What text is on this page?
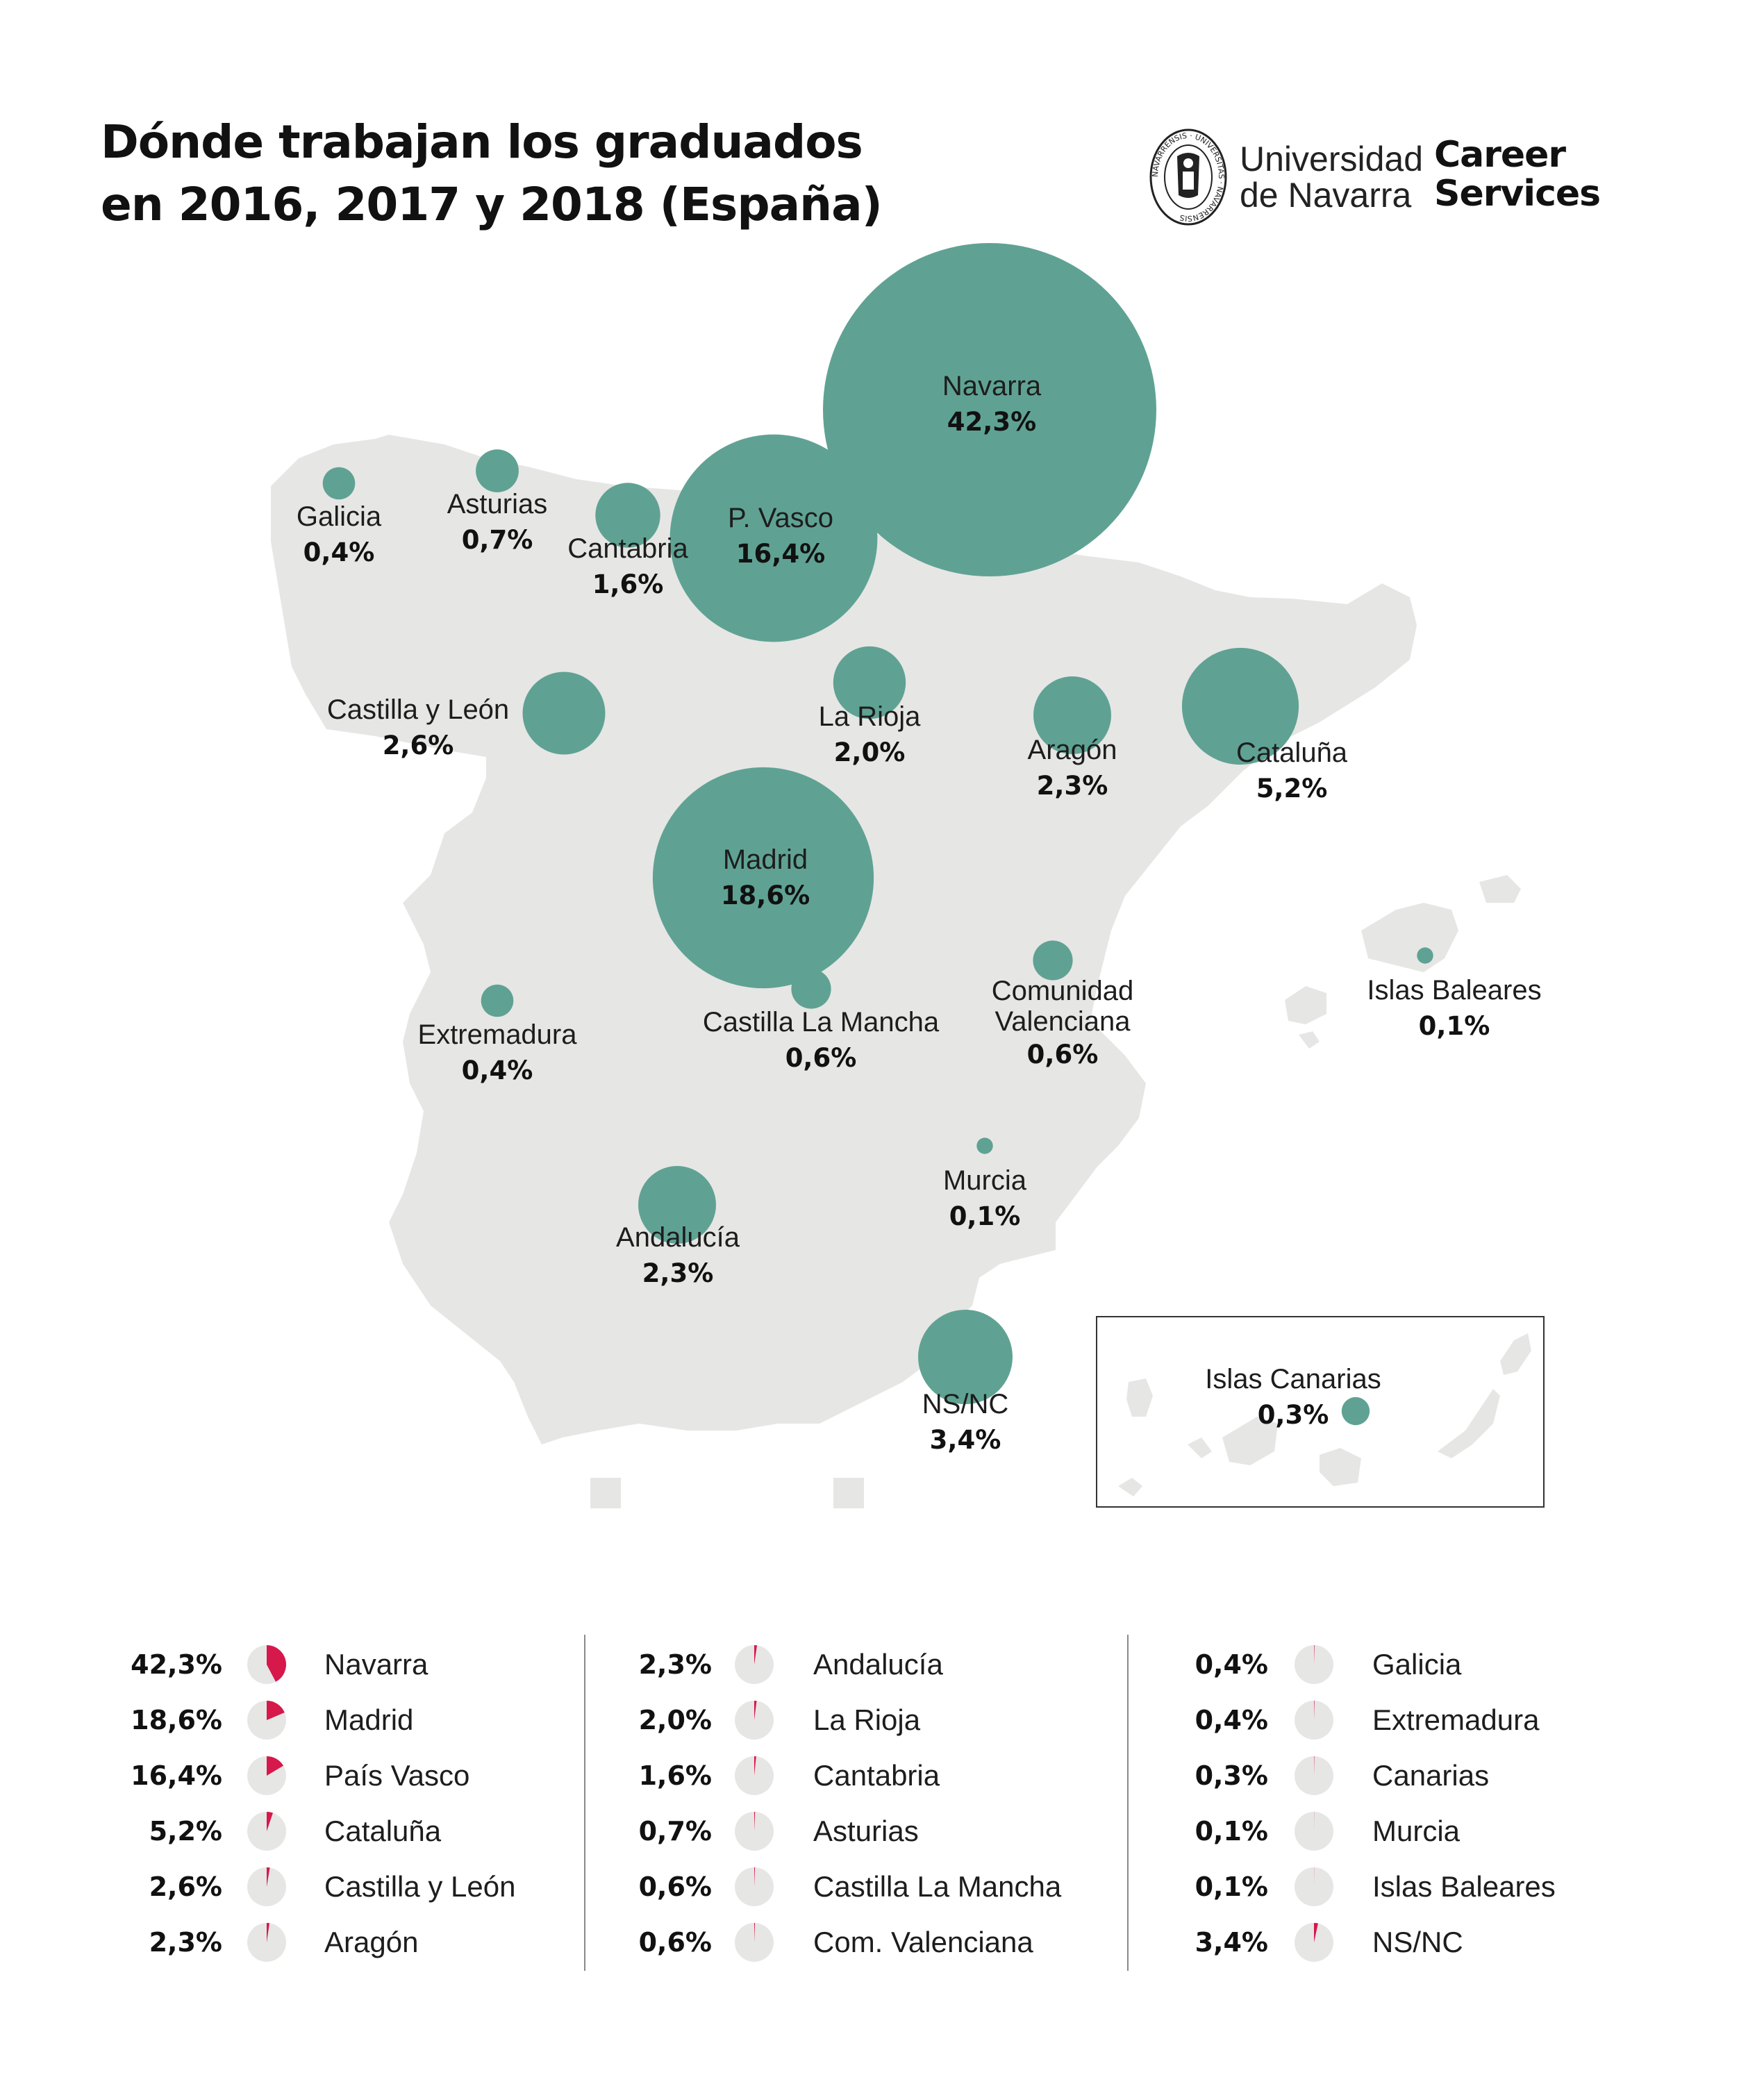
Dónde trabajan los graduados
en 2016, 2017 y 2018 (España)
NAVARRENSIS · UNIVERSITAS · NAVARRENSIS
Universidad
de Navarra
Career
Services
Navarra
42,3%
P. Vasco
16,4%
Madrid
18,6%
Cataluña
5,2%
Castilla y León
2,6%	Aragón
2,3%
Andalucía
2,3%
La Rioja
2,0%
Cantabria
1,6%
Asturias
0,7%
Castilla La Mancha
0,6%
Comunidad
Valenciana
0,6%
Galicia
0,4%
Extremadura
0,4%
Islas Canarias
0,3%
Murcia
0,1%
Islas Baleares
0,1%
NS/NC
3,4%
42,3%	Navarra
18,6%	Madrid
16,4%	País Vasco
5,2%	Cataluña
2,6%	Castilla y León
2,3%	Aragón
2,3%	Andalucía
2,0%	La Rioja
1,6%	Cantabria
0,7%	Asturias
0,6%	Castilla La Mancha
0,6%	Com. Valenciana
0,4%	Galicia
0,4%	Extremadura
0,3%	Canarias
0,1%	Murcia
0,1%	Islas Baleares
3,4%	NS/NC
